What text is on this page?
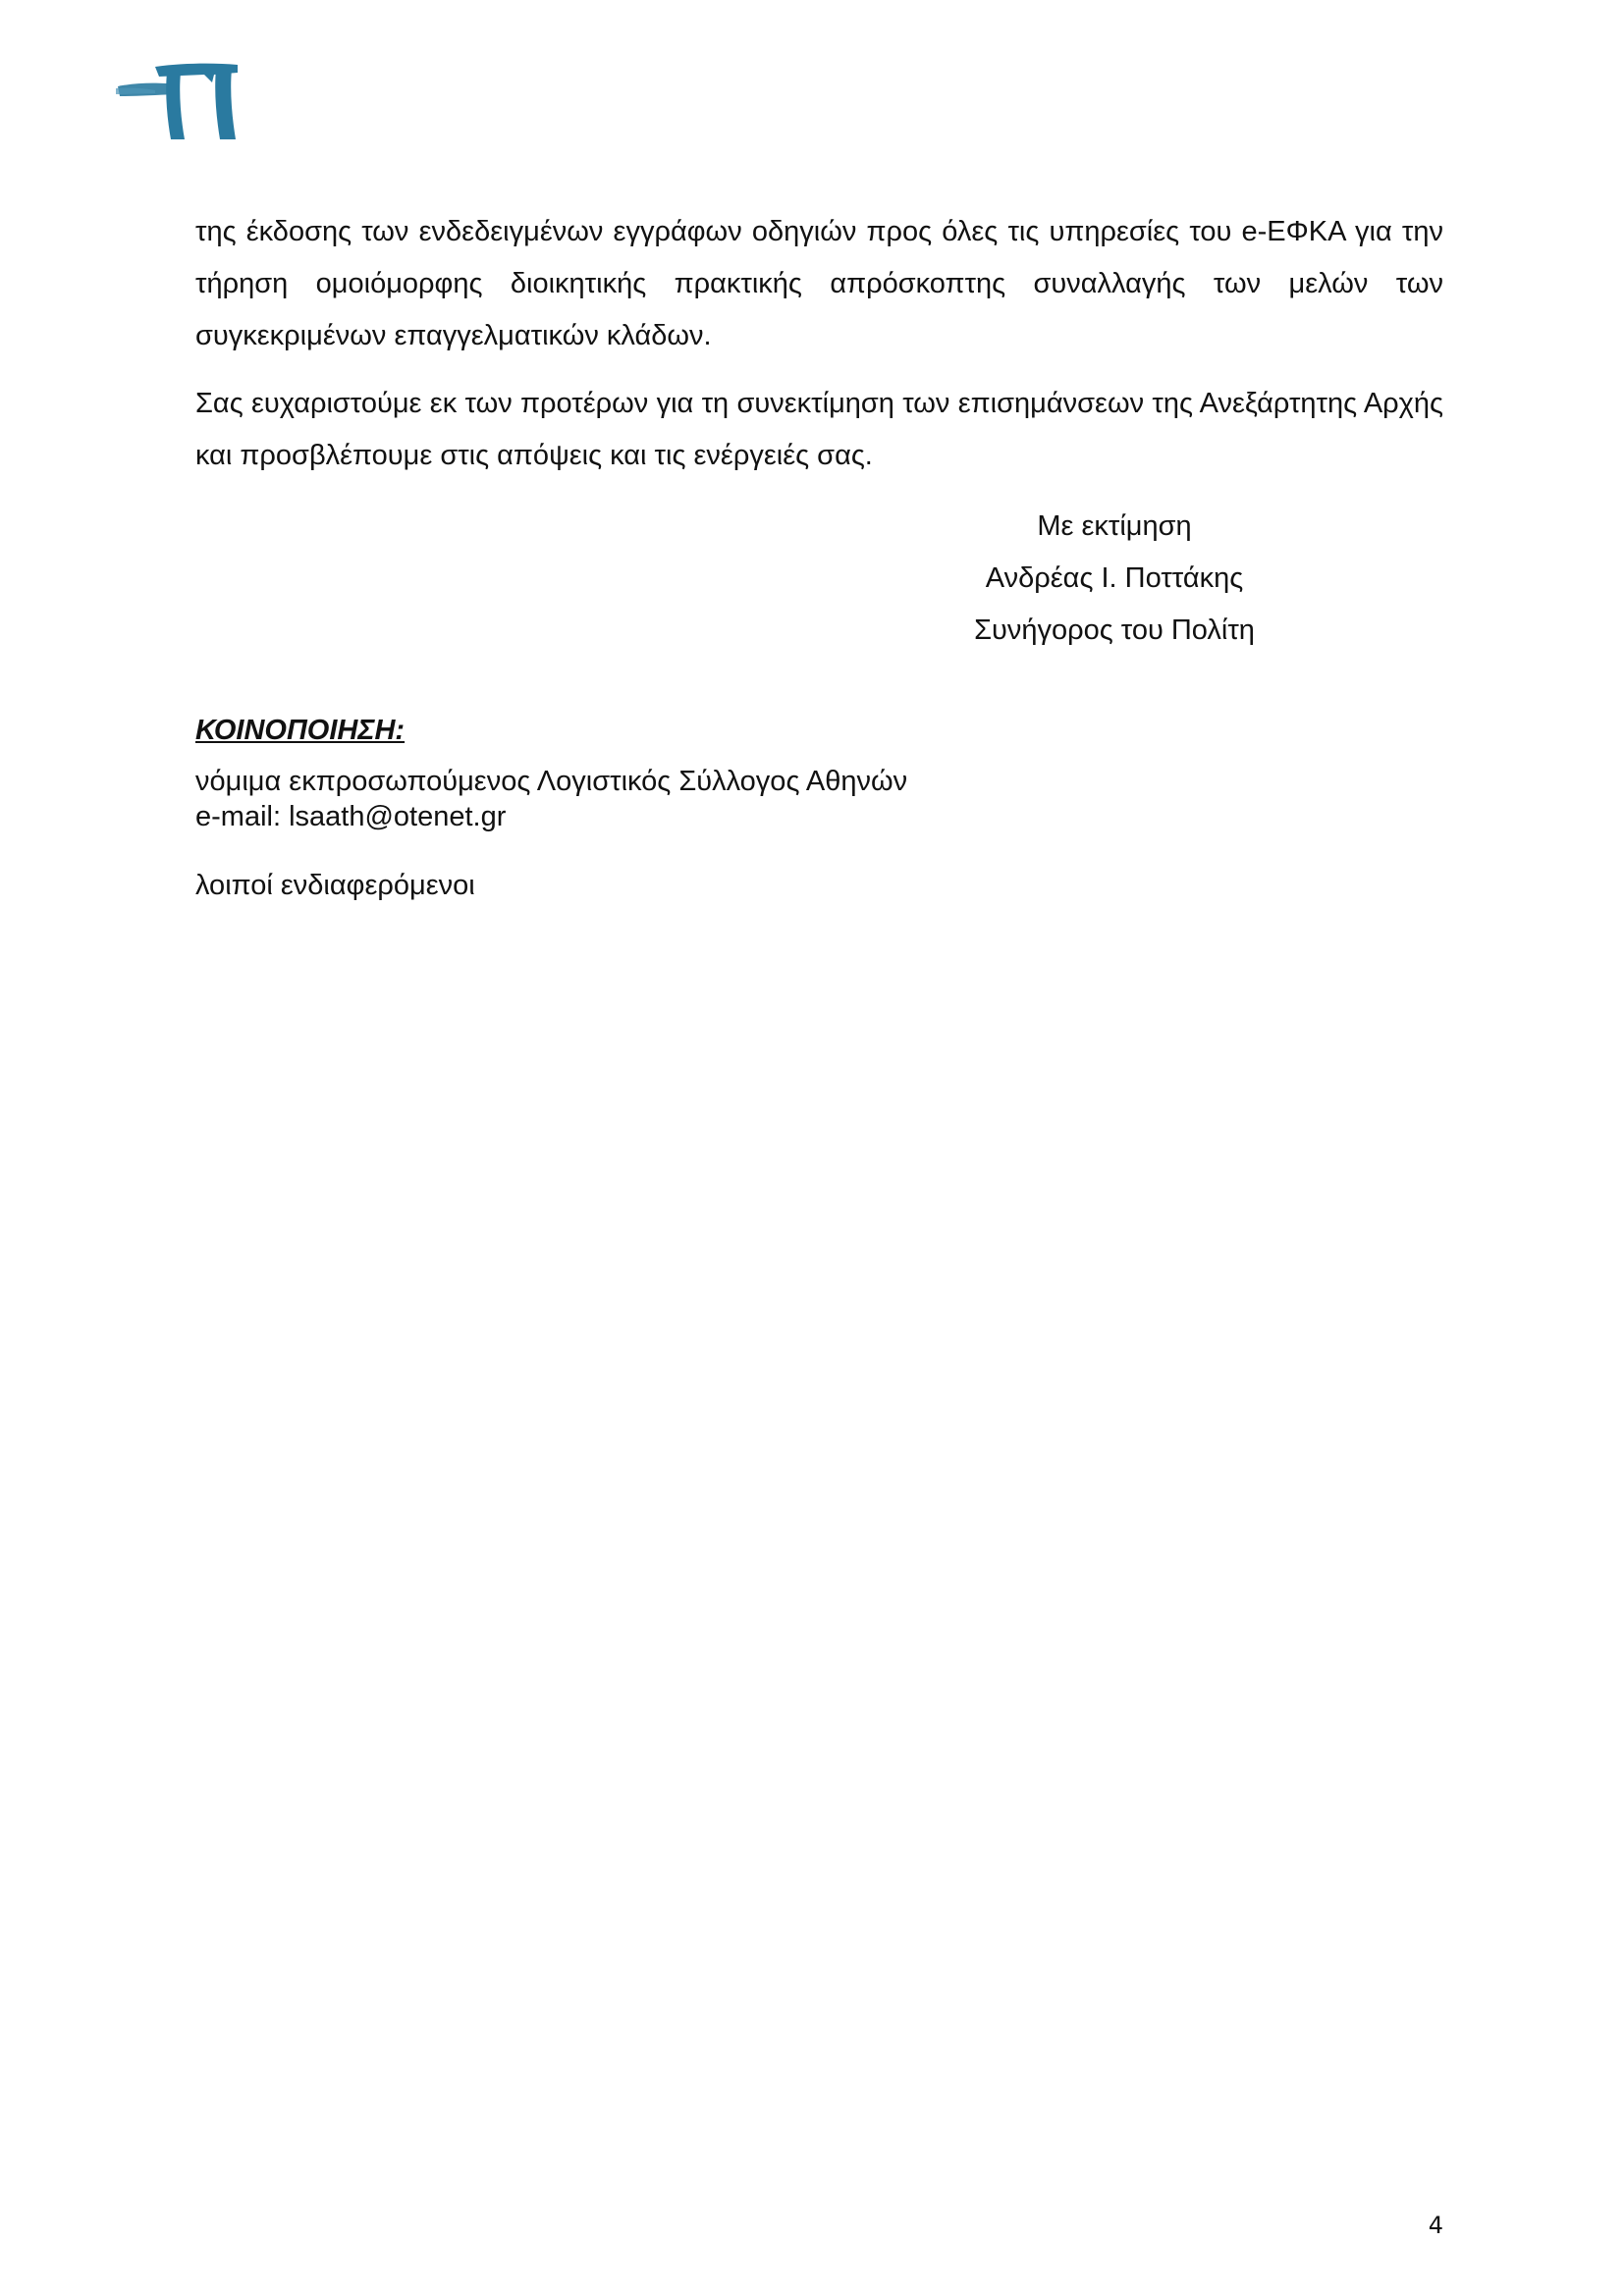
της έκδοσης των ενδεδειγμένων εγγράφων οδηγιών προς όλες τις υπηρεσίες του e-ΕΦΚΑ για την τήρηση ομοιόμορφης διοικητικής πρακτικής απρόσκοπτης συναλλαγής των μελών των συγκεκριμένων επαγγελματικών κλάδων.

Σας ευχαριστούμε εκ των προτέρων για τη συνεκτίμηση των επισημάνσεων της Ανεξάρτητης Αρχής και προσβλέπουμε στις απόψεις και τις ενέργειές σας.

Με εκτίμηση
Ανδρέας Ι. Ποττάκης
Συνήγορος του Πολίτη

ΚΟΙΝΟΠΟΙΗΣΗ:

νόμιμα εκπροσωπούμενος Λογιστικός Σύλλογος Αθηνών
e-mail: lsaath@otenet.gr
λοιποί ενδιαφερόμενοι
4
